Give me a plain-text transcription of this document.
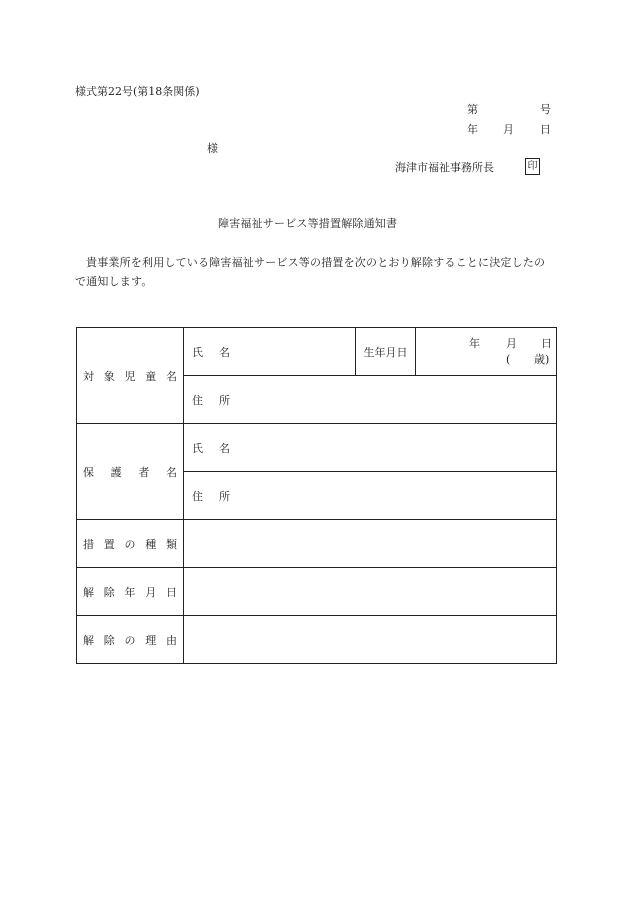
様式第22号(第18条関係)
第	号
年 月 日
様
海津市福祉事務所長	印
障害福祉サービス等措置解除通知書
貴事業所を利用している障害福祉サービス等の措置を次のとおり解除することに決定したので通知します。
対 象 児 童 名	氏 名	生年月日	年 月 日
( 歳)

	住 所		

保 護 者 名	氏 名		

	住 所		

措 置 の 種 類			

解 除 年 月 日			

解 除 の 理 由			
